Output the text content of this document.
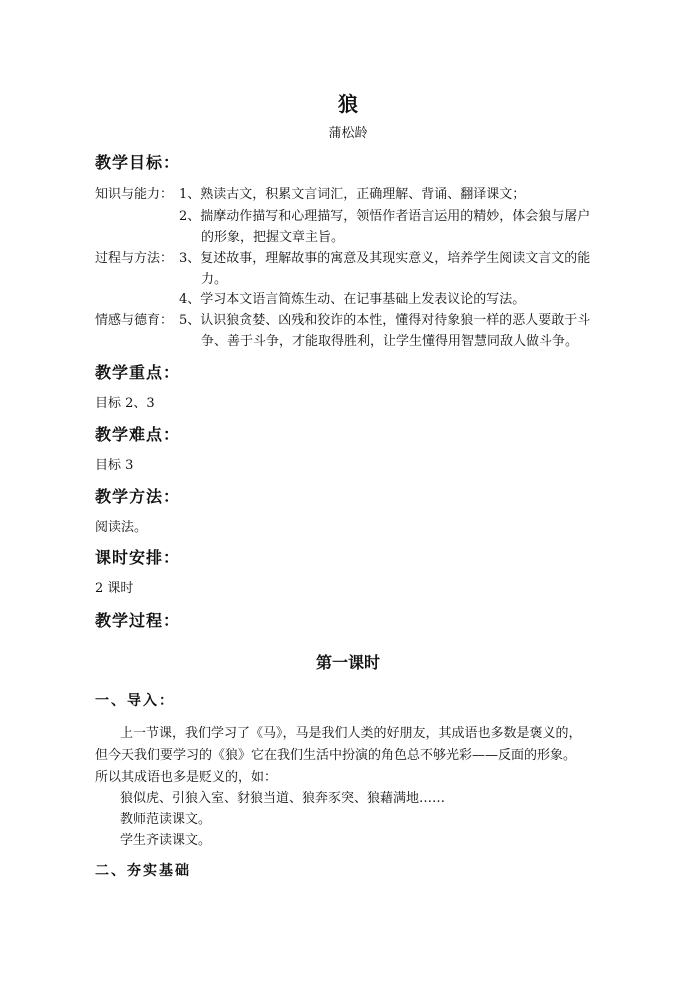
狼
蒲松龄
教学目标：
知识与能力： 1、熟读古文，积累文言词汇，正确理解、背诵、翻译课文；
2、揣摩动作描写和心理描写，领悟作者语言运用的精妙，体会狼与屠户
的形象，把握文章主旨。
过程与方法： 3、复述故事，理解故事的寓意及其现实意义，培养学生阅读文言文的能
力。
4、学习本文语言简炼生动、在记事基础上发表议论的写法。
情感与德育： 5、认识狼贪婪、凶残和狡诈的本性，懂得对待象狼一样的恶人要敢于斗
争、善于斗争，才能取得胜利，让学生懂得用智慧同敌人做斗争。
教学重点：
目标 2、3
教学难点：
目标 3
教学方法：
阅读法。
课时安排：
2 课时
教学过程：
第一课时
一、导入：
上一节课，我们学习了《马》，马是我们人类的好朋友，其成语也多数是褒义的，
但今天我们要学习的《狼》它在我们生活中扮演的角色总不够光彩——反面的形象。
所以其成语也多是贬义的，如：
狼似虎、引狼入室、豺狼当道、狼奔豕突、狼藉满地……
教师范读课文。
学生齐读课文。
二、夯实基础
